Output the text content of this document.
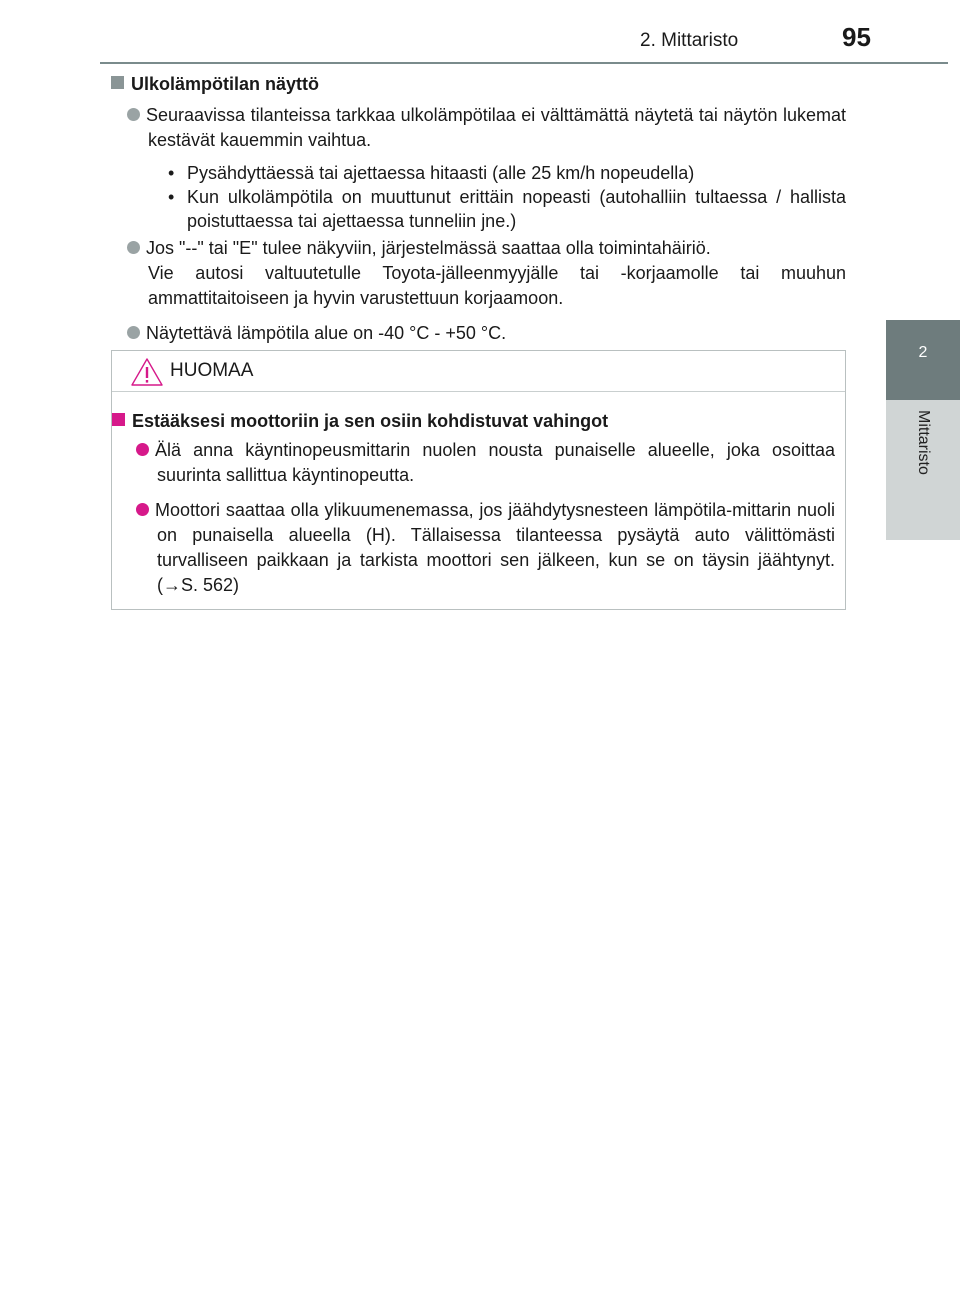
2. Mittaristo	95
2
Mittaristo
Ulkolämpötilan näyttö
Seuraavissa tilanteissa tarkkaa ulkolämpötilaa ei välttämättä näytetä tai näytön lukemat kestävät kauemmin vaihtua.
• Pysähdyttäessä tai ajettaessa hitaasti (alle 25 km/h nopeudella)
• Kun ulkolämpötila on muuttunut erittäin nopeasti (autohalliin tultaessa / hallista poistuttaessa tai ajettaessa tunneliin jne.)
Jos "--" tai "E" tulee näkyviin, järjestelmässä saattaa olla toimintahäiriö.
Vie autosi valtuutetulle Toyota-jälleenmyyjälle tai -korjaamolle tai muuhun ammattitaitoiseen ja hyvin varustettuun korjaamoon.
Näytettävä lämpötila alue on -40 °C - +50 °C.
HUOMAA
Estääksesi moottoriin ja sen osiin kohdistuvat vahingot
Älä anna käyntinopeusmittarin nuolen nousta punaiselle alueelle, joka osoittaa suurinta sallittua käyntinopeutta.
Moottori saattaa olla ylikuumenemassa, jos jäähdytysnesteen lämpötila-mittarin nuoli on punaisella alueella (H). Tällaisessa tilanteessa pysäytä auto välittömästi turvalliseen paikkaan ja tarkista moottori sen jälkeen, kun se on täysin jäähtynyt. (→S. 562)
